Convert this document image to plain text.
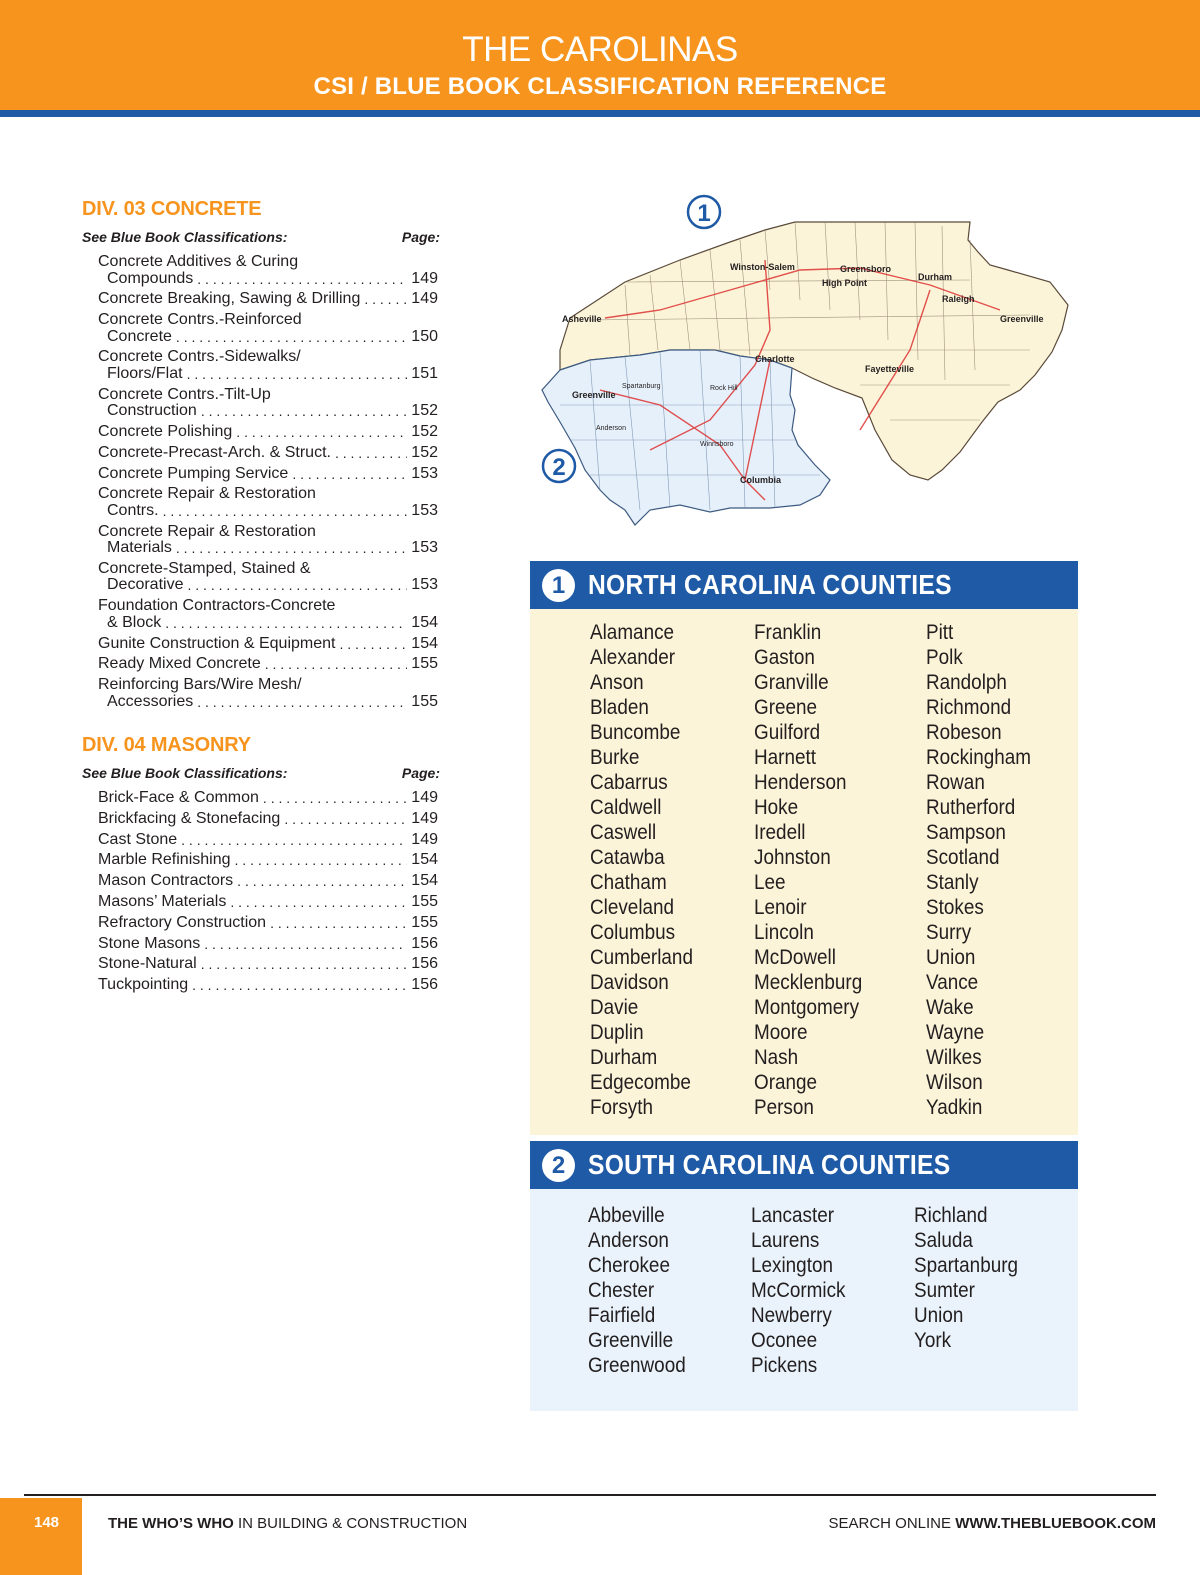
THE CAROLINAS
CSI / BLUE BOOK CLASSIFICATION REFERENCE
DIV. 03 CONCRETE
See Blue Book Classifications:	Page:
Concrete Additives & Curing
Compounds . . .	149
Concrete Breaking, Sawing & Drilling . . .	149
Concrete Contrs.-Reinforced
Concrete . . .	150
Concrete Contrs.-Sidewalks/
Floors/Flat . . .	151
Concrete Contrs.-Tilt-Up
Construction . . .	152
Concrete Polishing . . .	152
Concrete-Precast-Arch. & Struct. . . .	152
Concrete Pumping Service . . .	153
Concrete Repair & Restoration
Contrs. . . .	153
Concrete Repair & Restoration
Materials . . .	153
Concrete-Stamped, Stained &
Decorative . . .	153
Foundation Contractors-Concrete
& Block . . .	154
Gunite Construction & Equipment . . .	154
Ready Mixed Concrete . . .	155
Reinforcing Bars/Wire Mesh/
Accessories . . .	155
DIV. 04 MASONRY
See Blue Book Classifications:	Page:
Brick-Face & Common . . .	149
Brickfacing & Stonefacing . . .	149
Cast Stone . . .	149
Marble Refinishing . . .	154
Mason Contractors . . .	154
Masons’ Materials . . .	155
Refractory Construction . . .	155
Stone Masons . . .	156
Stone-Natural . . .	156
Tuckpointing . . .	156
Winston-Salem	Greensboro
Durham
High Point
Raleigh
Asheville	Greenville
Charlotte
Fayetteville
Rock Hill
Spartanburg
Greenville
Anderson
Winnsboro
Columbia
1
2
1 NORTH CAROLINA COUNTIES
Alamance
Alexander
Anson
Bladen
Buncombe
Burke
Cabarrus
Caldwell
Caswell
Catawba
Chatham
Cleveland
Columbus
Cumberland
Davidson
Davie
Duplin
Durham
Edgecombe
Forsyth
Franklin
Gaston
Granville
Greene
Guilford
Harnett
Henderson
Hoke
Iredell
Johnston
Lee
Lenoir
Lincoln
McDowell
Mecklenburg
Montgomery
Moore
Nash
Orange
Person
Pitt
Polk
Randolph
Richmond
Robeson
Rockingham
Rowan
Rutherford
Sampson
Scotland
Stanly
Stokes
Surry
Union
Vance
Wake
Wayne
Wilkes
Wilson
Yadkin
2 SOUTH CAROLINA COUNTIES
Abbeville
Anderson
Cherokee
Chester
Fairfield
Greenville
Greenwood
Lancaster
Laurens
Lexington
McCormick
Newberry
Oconee
Pickens
Richland
Saluda
Spartanburg
Sumter
Union
York
148	THE WHO’S WHO IN BUILDING & CONSTRUCTION	SEARCH ONLINE WWW.THEBLUEBOOK.COM
